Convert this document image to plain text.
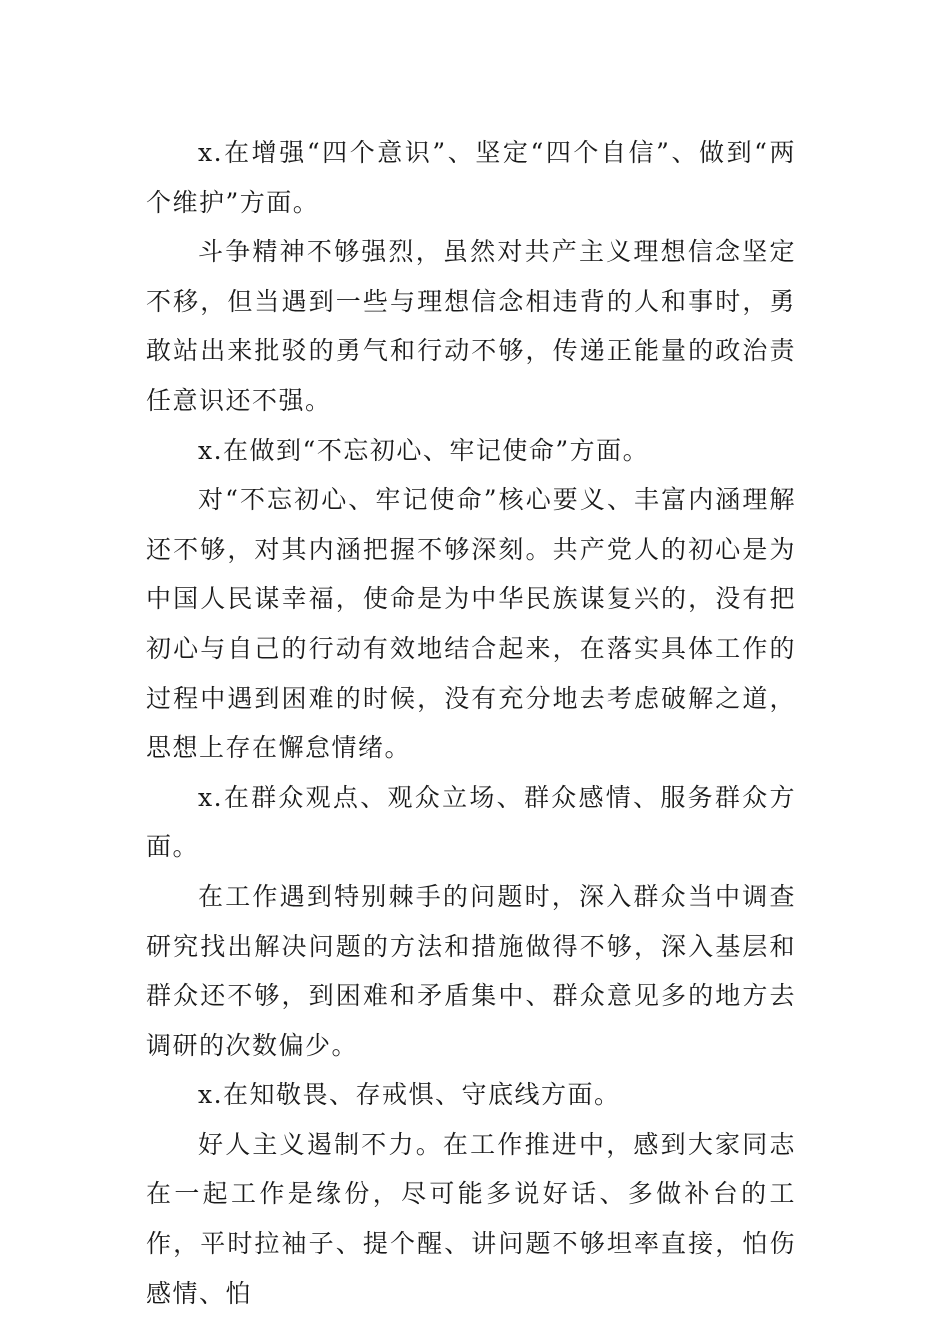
x.在增强“四个意识”、坚定“四个自信”、做到“两个维护”方面。

斗争精神不够强烈，虽然对共产主义理想信念坚定不移，但当遇到一些与理想信念相违背的人和事时，勇敢站出来批驳的勇气和行动不够，传递正能量的政治责任意识还不强。

x.在做到“不忘初心、牢记使命”方面。

对“不忘初心、牢记使命”核心要义、丰富内涵理解还不够，对其内涵把握不够深刻。共产党人的初心是为中国人民谋幸福，使命是为中华民族谋复兴的，没有把初心与自己的行动有效地结合起来，在落实具体工作的过程中遇到困难的时候，没有充分地去考虑破解之道，思想上存在懈怠情绪。

x.在群众观点、观众立场、群众感情、服务群众方面。

在工作遇到特别棘手的问题时，深入群众当中调查研究找出解决问题的方法和措施做得不够，深入基层和群众还不够，到困难和矛盾集中、群众意见多的地方去调研的次数偏少。

x.在知敬畏、存戒惧、守底线方面。

好人主义遏制不力。在工作推进中，感到大家同志在一起工作是缘份，尽可能多说好话、多做补台的工作，平时拉袖子、提个醒、讲问题不够坦率直接，怕伤感情、怕
